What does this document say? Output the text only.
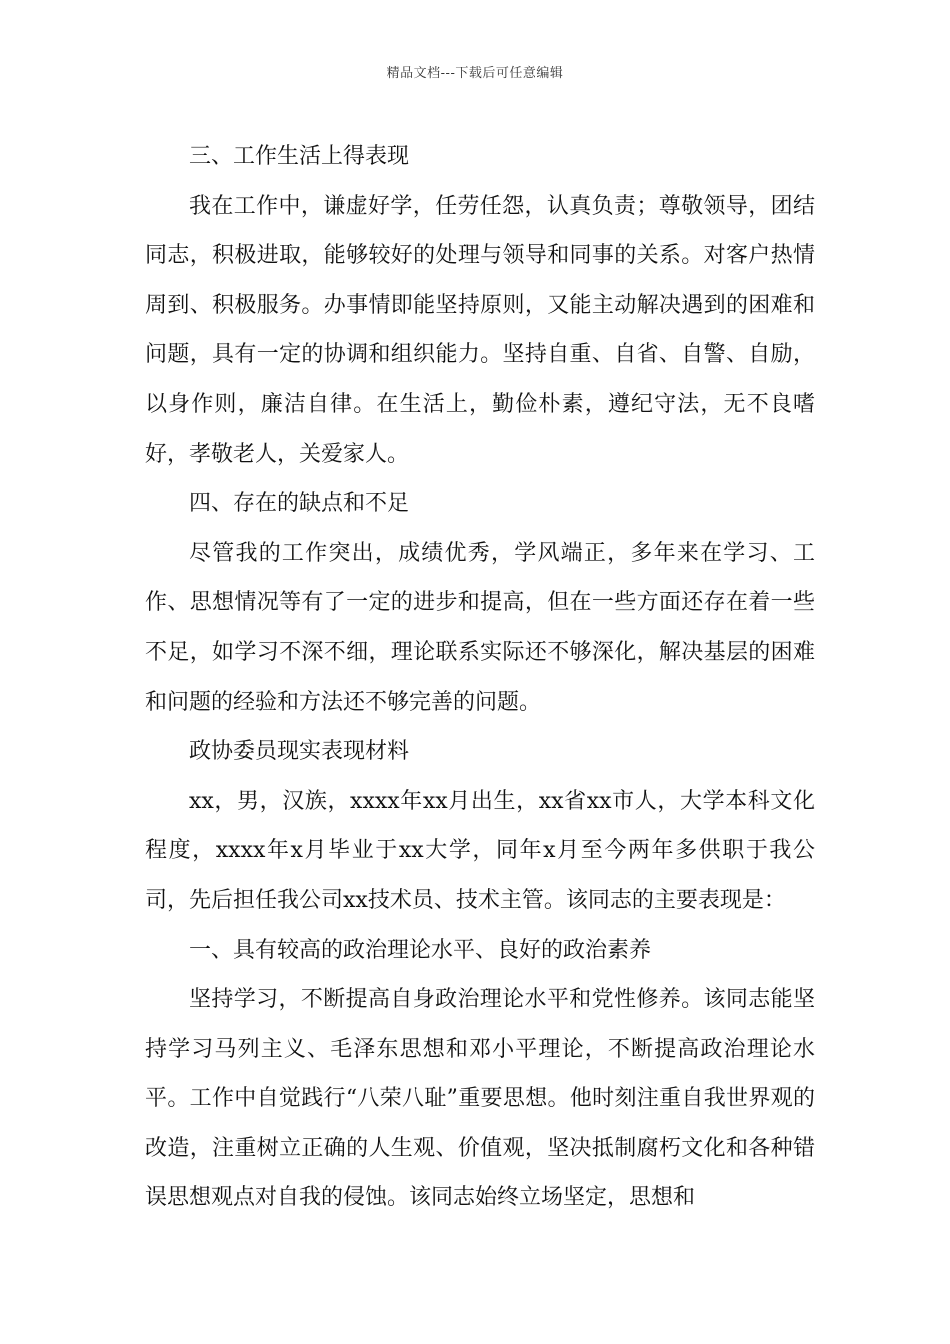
精品文档---下载后可任意编辑

三、工作生活上得表现

我在工作中，谦虚好学，任劳任怨，认真负责；尊敬领导，团结同志，积极进取，能够较好的处理与领导和同事的关系。对客户热情周到、积极服务。办事情即能坚持原则，又能主动解决遇到的困难和问题，具有一定的协调和组织能力。坚持自重、自省、自警、自励，以身作则，廉洁自律。在生活上，勤俭朴素，遵纪守法，无不良嗜好，孝敬老人，关爱家人。

四、存在的缺点和不足

尽管我的工作突出，成绩优秀，学风端正，多年来在学习、工作、思想情况等有了一定的进步和提高，但在一些方面还存在着一些不足，如学习不深不细，理论联系实际还不够深化，解决基层的困难和问题的经验和方法还不够完善的问题。

政协委员现实表现材料

xx，男，汉族，xxxx年xx月出生，xx省xx市人，大学本科文化程度，xxxx年x月毕业于xx大学，同年x月至今两年多供职于我公司，先后担任我公司xx技术员、技术主管。该同志的主要表现是：

一、具有较高的政治理论水平、良好的政治素养

坚持学习，不断提高自身政治理论水平和党性修养。该同志能坚持学习马列主义、毛泽东思想和邓小平理论，不断提高政治理论水平。工作中自觉践行“八荣八耻”重要思想。他时刻注重自我世界观的改造，注重树立正确的人生观、价值观，坚决抵制腐朽文化和各种错误思想观点对自我的侵蚀。该同志始终立场坚定，思想和
